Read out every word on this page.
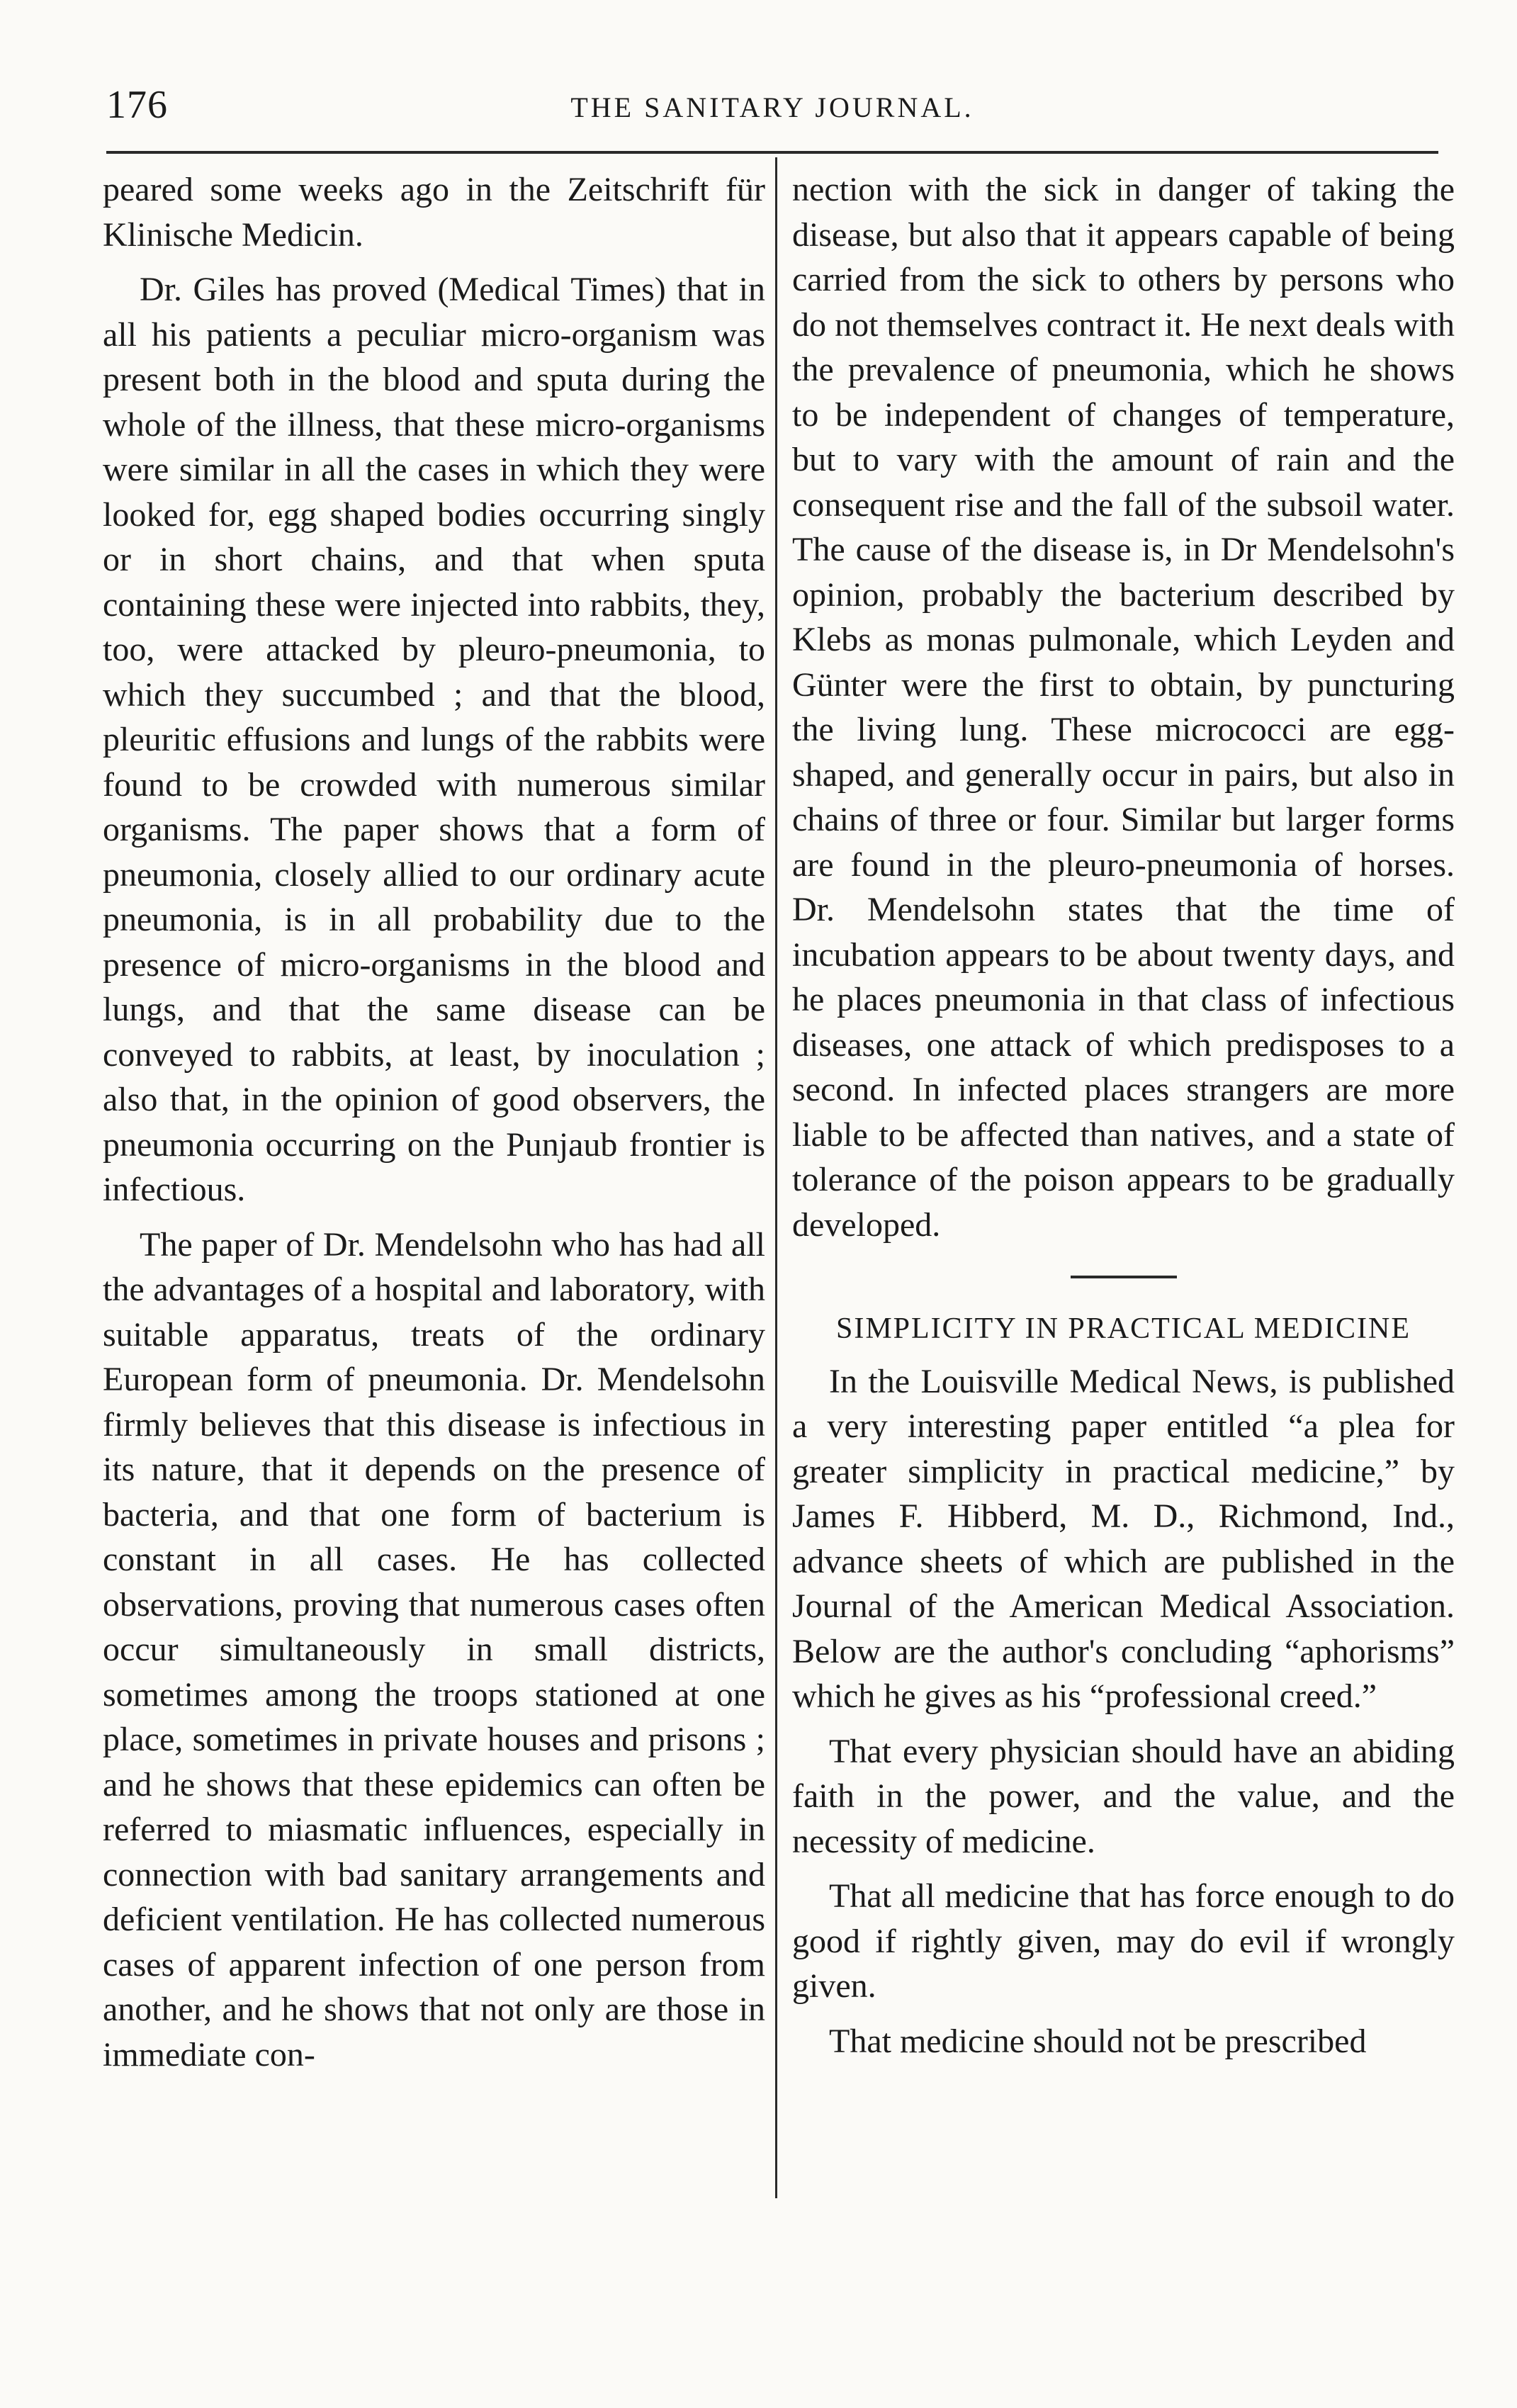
176	THE SANITARY JOURNAL.

peared some weeks ago in the Zeitschrift für Klinische Medicin.

Dr. Giles has proved (Medical Times) that in all his patients a peculiar micro-organism was present both in the blood and sputa during the whole of the illness, that these micro-organisms were similar in all the cases in which they were looked for, egg shaped bodies occurring singly or in short chains, and that when sputa containing these were injected into rabbits, they, too, were attacked by pleuro-pneumonia, to which they succumbed ; and that the blood, pleuritic effusions and lungs of the rabbits were found to be crowded with numerous similar organisms. The paper shows that a form of pneumonia, closely allied to our ordinary acute pneumonia, is in all probability due to the presence of micro-organisms in the blood and lungs, and that the same disease can be conveyed to rabbits, at least, by inoculation ; also that, in the opinion of good observers, the pneumonia occurring on the Punjaub frontier is infectious.

The paper of Dr. Mendelsohn who has had all the advantages of a hospital and laboratory, with suitable apparatus, treats of the ordinary European form of pneumonia. Dr. Mendelsohn firmly believes that this disease is infectious in its nature, that it depends on the presence of bacteria, and that one form of bacterium is constant in all cases. He has collected observations, proving that numerous cases often occur simultaneously in small districts, sometimes among the troops stationed at one place, sometimes in private houses and prisons ; and he shows that these epidemics can often be referred to miasmatic influences, especially in connection with bad sanitary arrangements and deficient ventilation. He has collected numerous cases of apparent infection of one person from another, and he shows that not only are those in immediate con-

nection with the sick in danger of taking the disease, but also that it appears capable of being carried from the sick to others by persons who do not themselves contract it. He next deals with the prevalence of pneumonia, which he shows to be independent of changes of temperature, but to vary with the amount of rain and the consequent rise and the fall of the subsoil water. The cause of the disease is, in Dr Mendelsohn's opinion, probably the bacterium described by Klebs as monas pulmonale, which Leyden and Günter were the first to obtain, by puncturing the living lung. These micrococci are egg-shaped, and generally occur in pairs, but also in chains of three or four. Similar but larger forms are found in the pleuro-pneumonia of horses. Dr. Mendelsohn states that the time of incubation appears to be about twenty days, and he places pneumonia in that class of infectious diseases, one attack of which predisposes to a second. In infected places strangers are more liable to be affected than natives, and a state of tolerance of the poison appears to be gradually developed.

SIMPLICITY IN PRACTICAL MEDICINE

In the Louisville Medical News, is published a very interesting paper entitled “a plea for greater simplicity in practical medicine,” by James F. Hibberd, M. D., Richmond, Ind., advance sheets of which are published in the Journal of the American Medical Association. Below are the author's concluding “aphorisms” which he gives as his “professional creed.”

That every physician should have an abiding faith in the power, and the value, and the necessity of medicine.

That all medicine that has force enough to do good if rightly given, may do evil if wrongly given.

That medicine should not be prescribed
